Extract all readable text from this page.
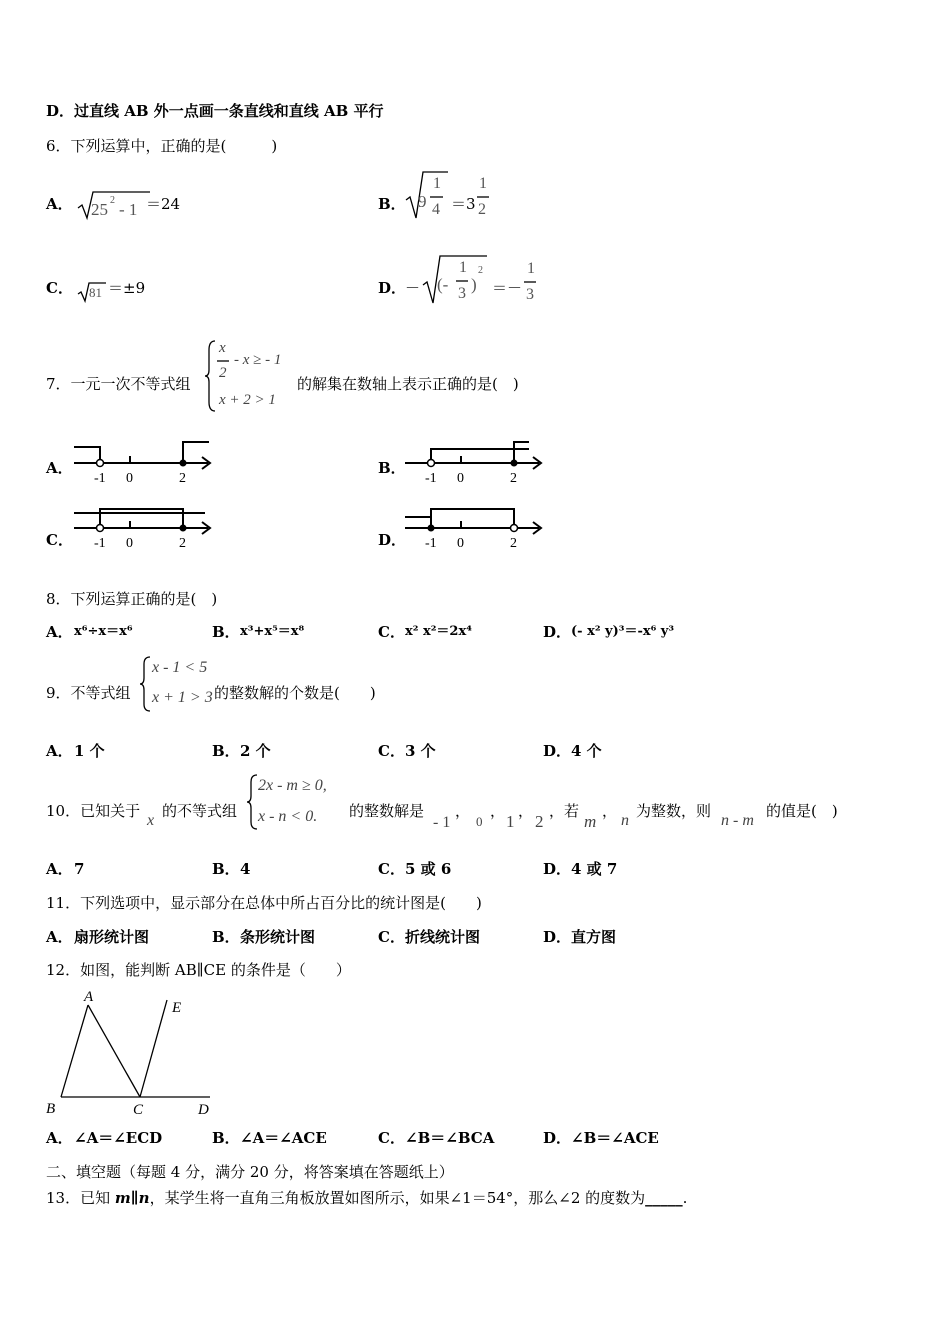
D．过直线 AB 外一点画一条直线和直线 AB 平行
6．下列运算中，正确的是(　　　)
A． 25 2 - 1 ＝24	B． 9
1
4 ＝3
1
2
C． 81 ＝±9	D．
－ (-
1
3 )
2
＝－
1
3
7．一元一次不等式组
x
2
- x ≥ - 1
x + 2 > 1
的解集在数轴上表示正确的是(　)
A．
-1 0	2
B．
-1 0	2
C． -1 0	2	D． -1 0	2
8．下列运算正确的是(　)
A． x⁶÷x＝x⁶	B． x³+x⁵＝x⁸	C． x² x²＝2x⁴	D． (- x² y)³＝-x⁶ y³
9．不等式组
x - 1 < 5
x + 1 > 3 的整数解的个数是(　　)
A． 1 个	B． 2 个	C． 3 个	D． 4 个
10．已知关于
x
的不等式组
2x - m ≥ 0,
x - n < 0. 的整数解是
- 1
，
0
，
1
，
2
，若
m
，
n
为整数，则
n - m
的值是(　)
A． 7	B． 4	C． 5 或 6	D． 4 或 7
11．下列选项中，显示部分在总体中所占百分比的统计图是(　　)
A． 扇形统计图	B． 条形统计图	C． 折线统计图	D． 直方图
12．如图，能判断 AB∥CE 的条件是（　　）
A
B	C	D
E
A． ∠A＝∠ECD	B． ∠A＝∠ACE	C． ∠B＝∠BCA	D． ∠B＝∠ACE
二、填空题（每题 4 分，满分 20 分，将答案填在答题纸上）
13．已知 m∥n，某学生将一直角三角板放置如图所示，如果∠1＝54°，那么∠2 的度数为_____.
